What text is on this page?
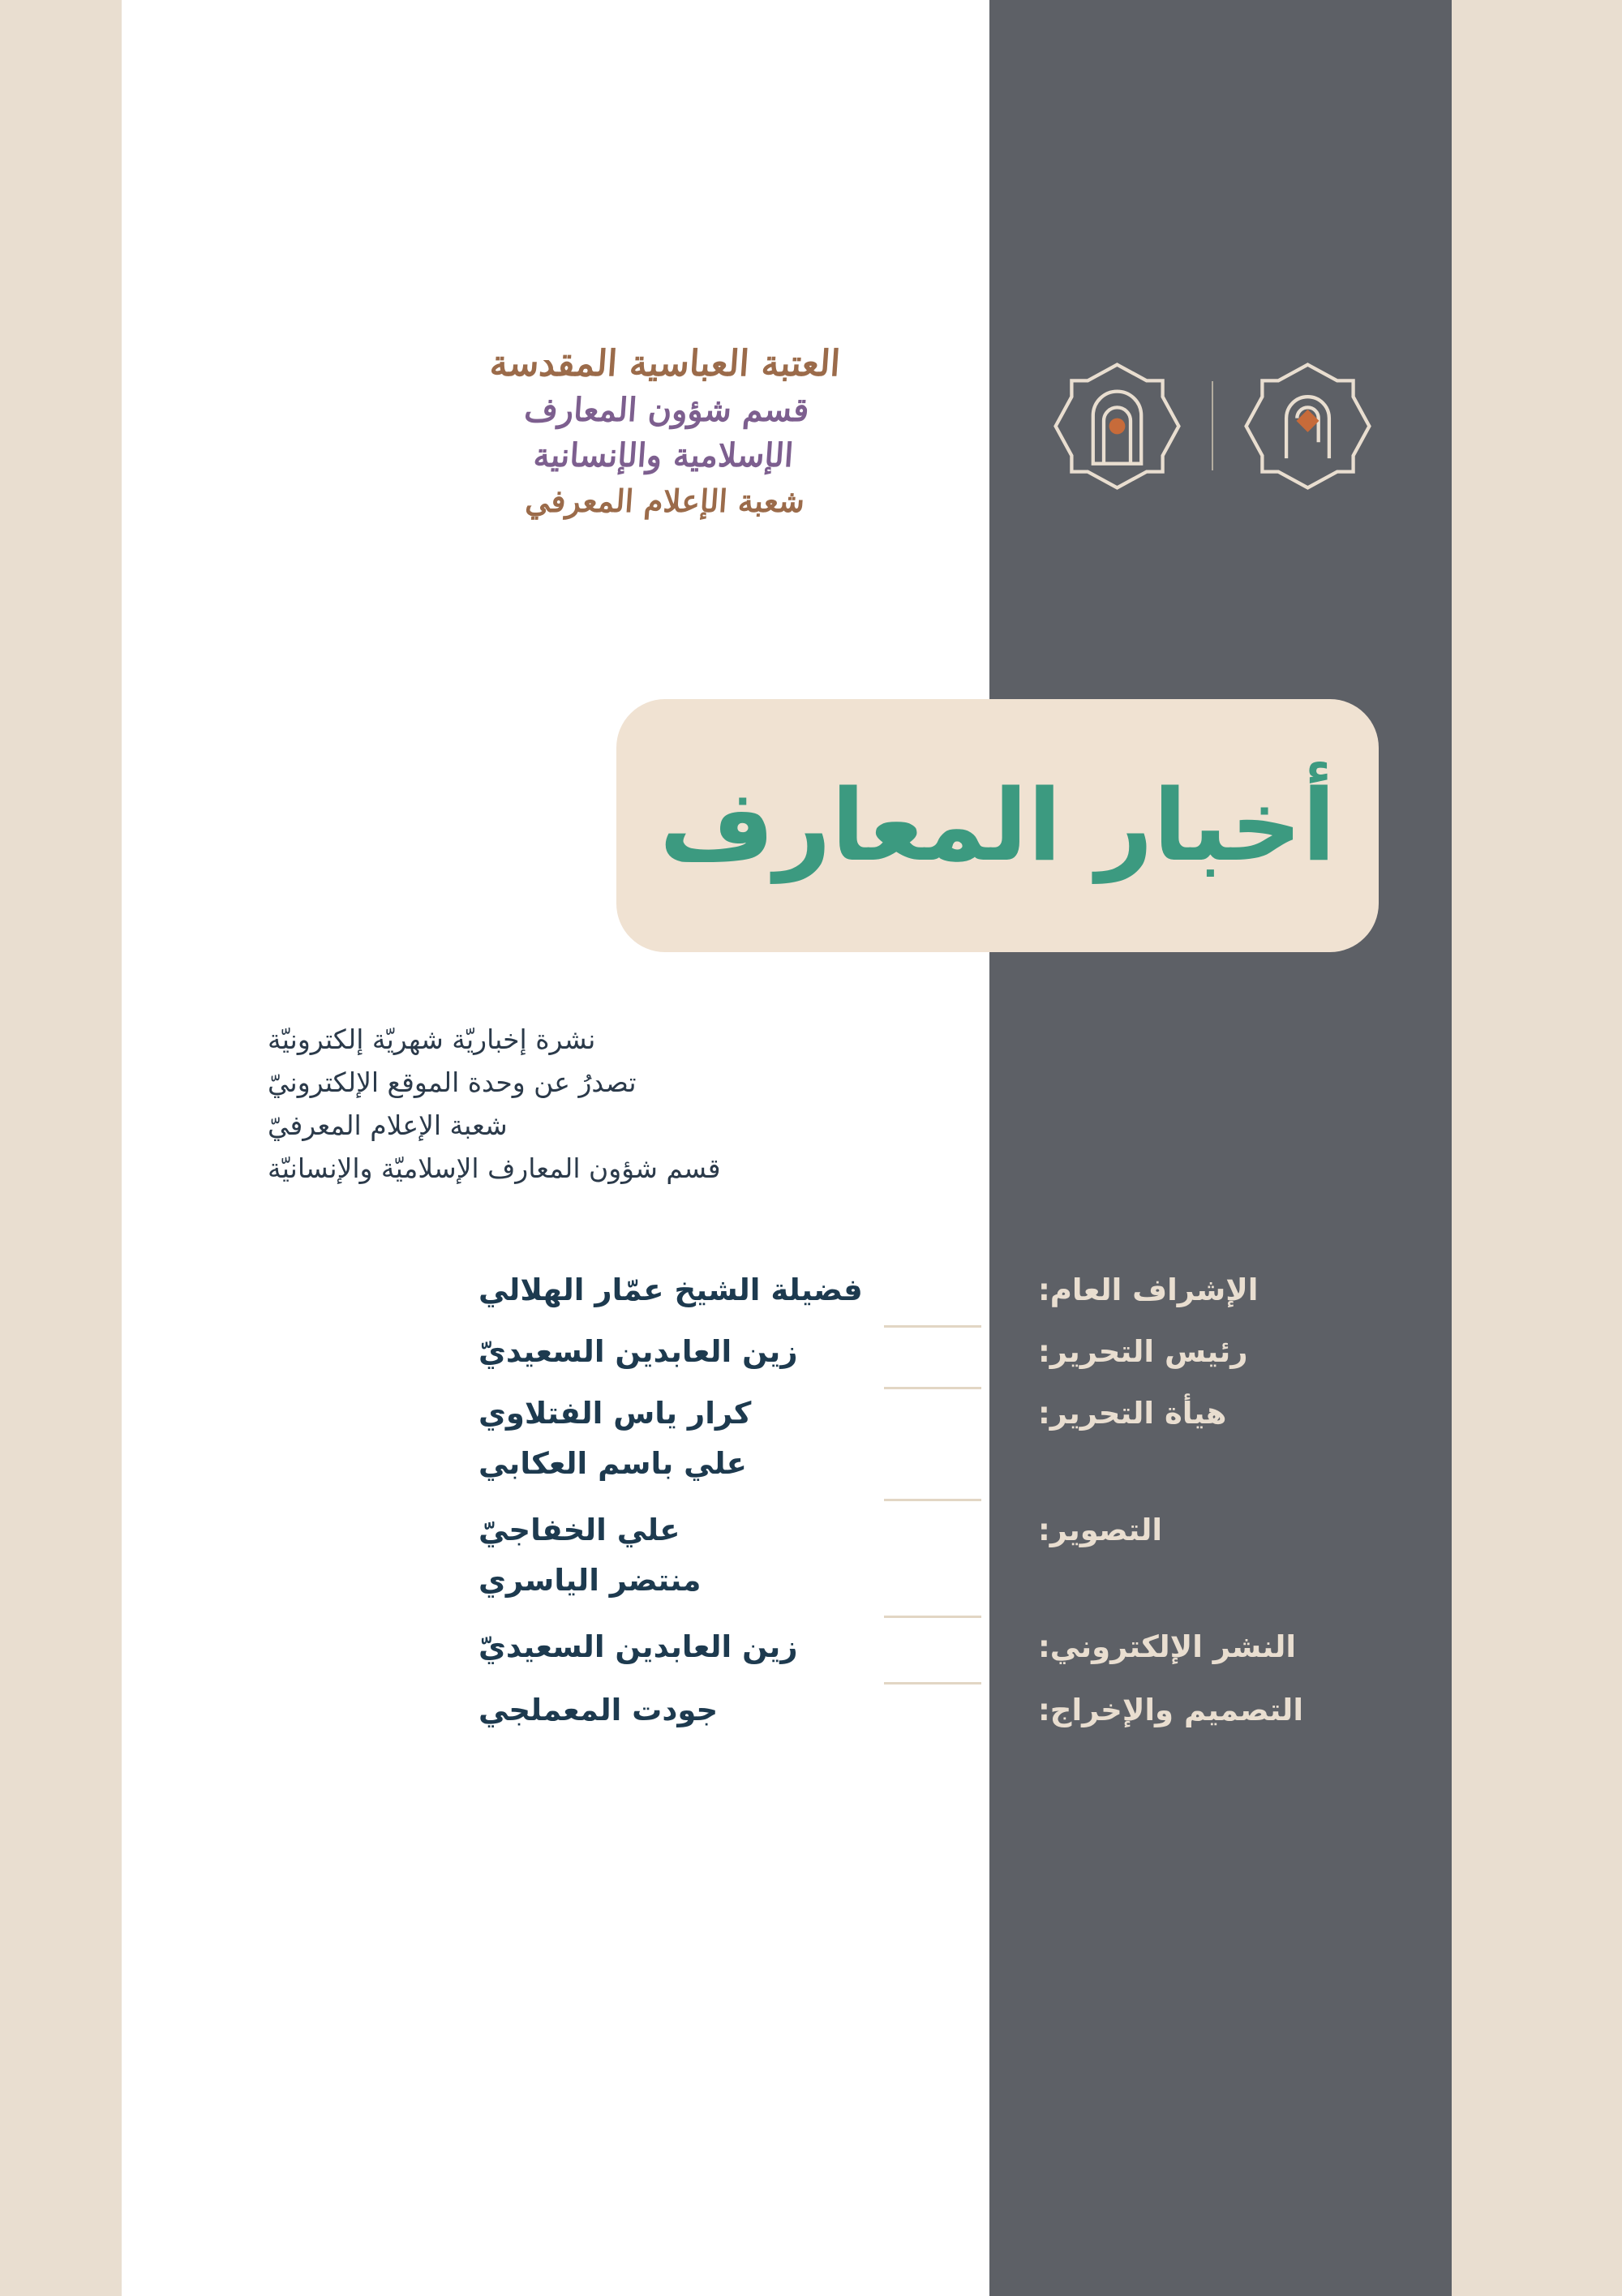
العتبة العباسية المقدسة
قسم شؤون المعارف الإسلامية والإنسانية
شعبة الإعلام المعرفي
أخبار المعارف
نشرة إخباريّة شهريّة إلكترونيّة
تصدرُ عن وحدة الموقع الإلكترونيّ
شعبة الإعلام المعرفيّ
قسم شؤون المعارف الإسلاميّة والإنسانيّة
الإشراف العام:
فضيلة الشيخ عمّار الهلالي
رئيس التحرير:
زين العابدين السعيديّ
هيأة التحرير:
كرار ياس الفتلاوي
علي باسم العكابي
التصوير:
علي الخفاجيّ
منتضر الياسري
النشر الإلكتروني:
زين العابدين السعيديّ
التصميم والإخراج:
جودت المعملجي
